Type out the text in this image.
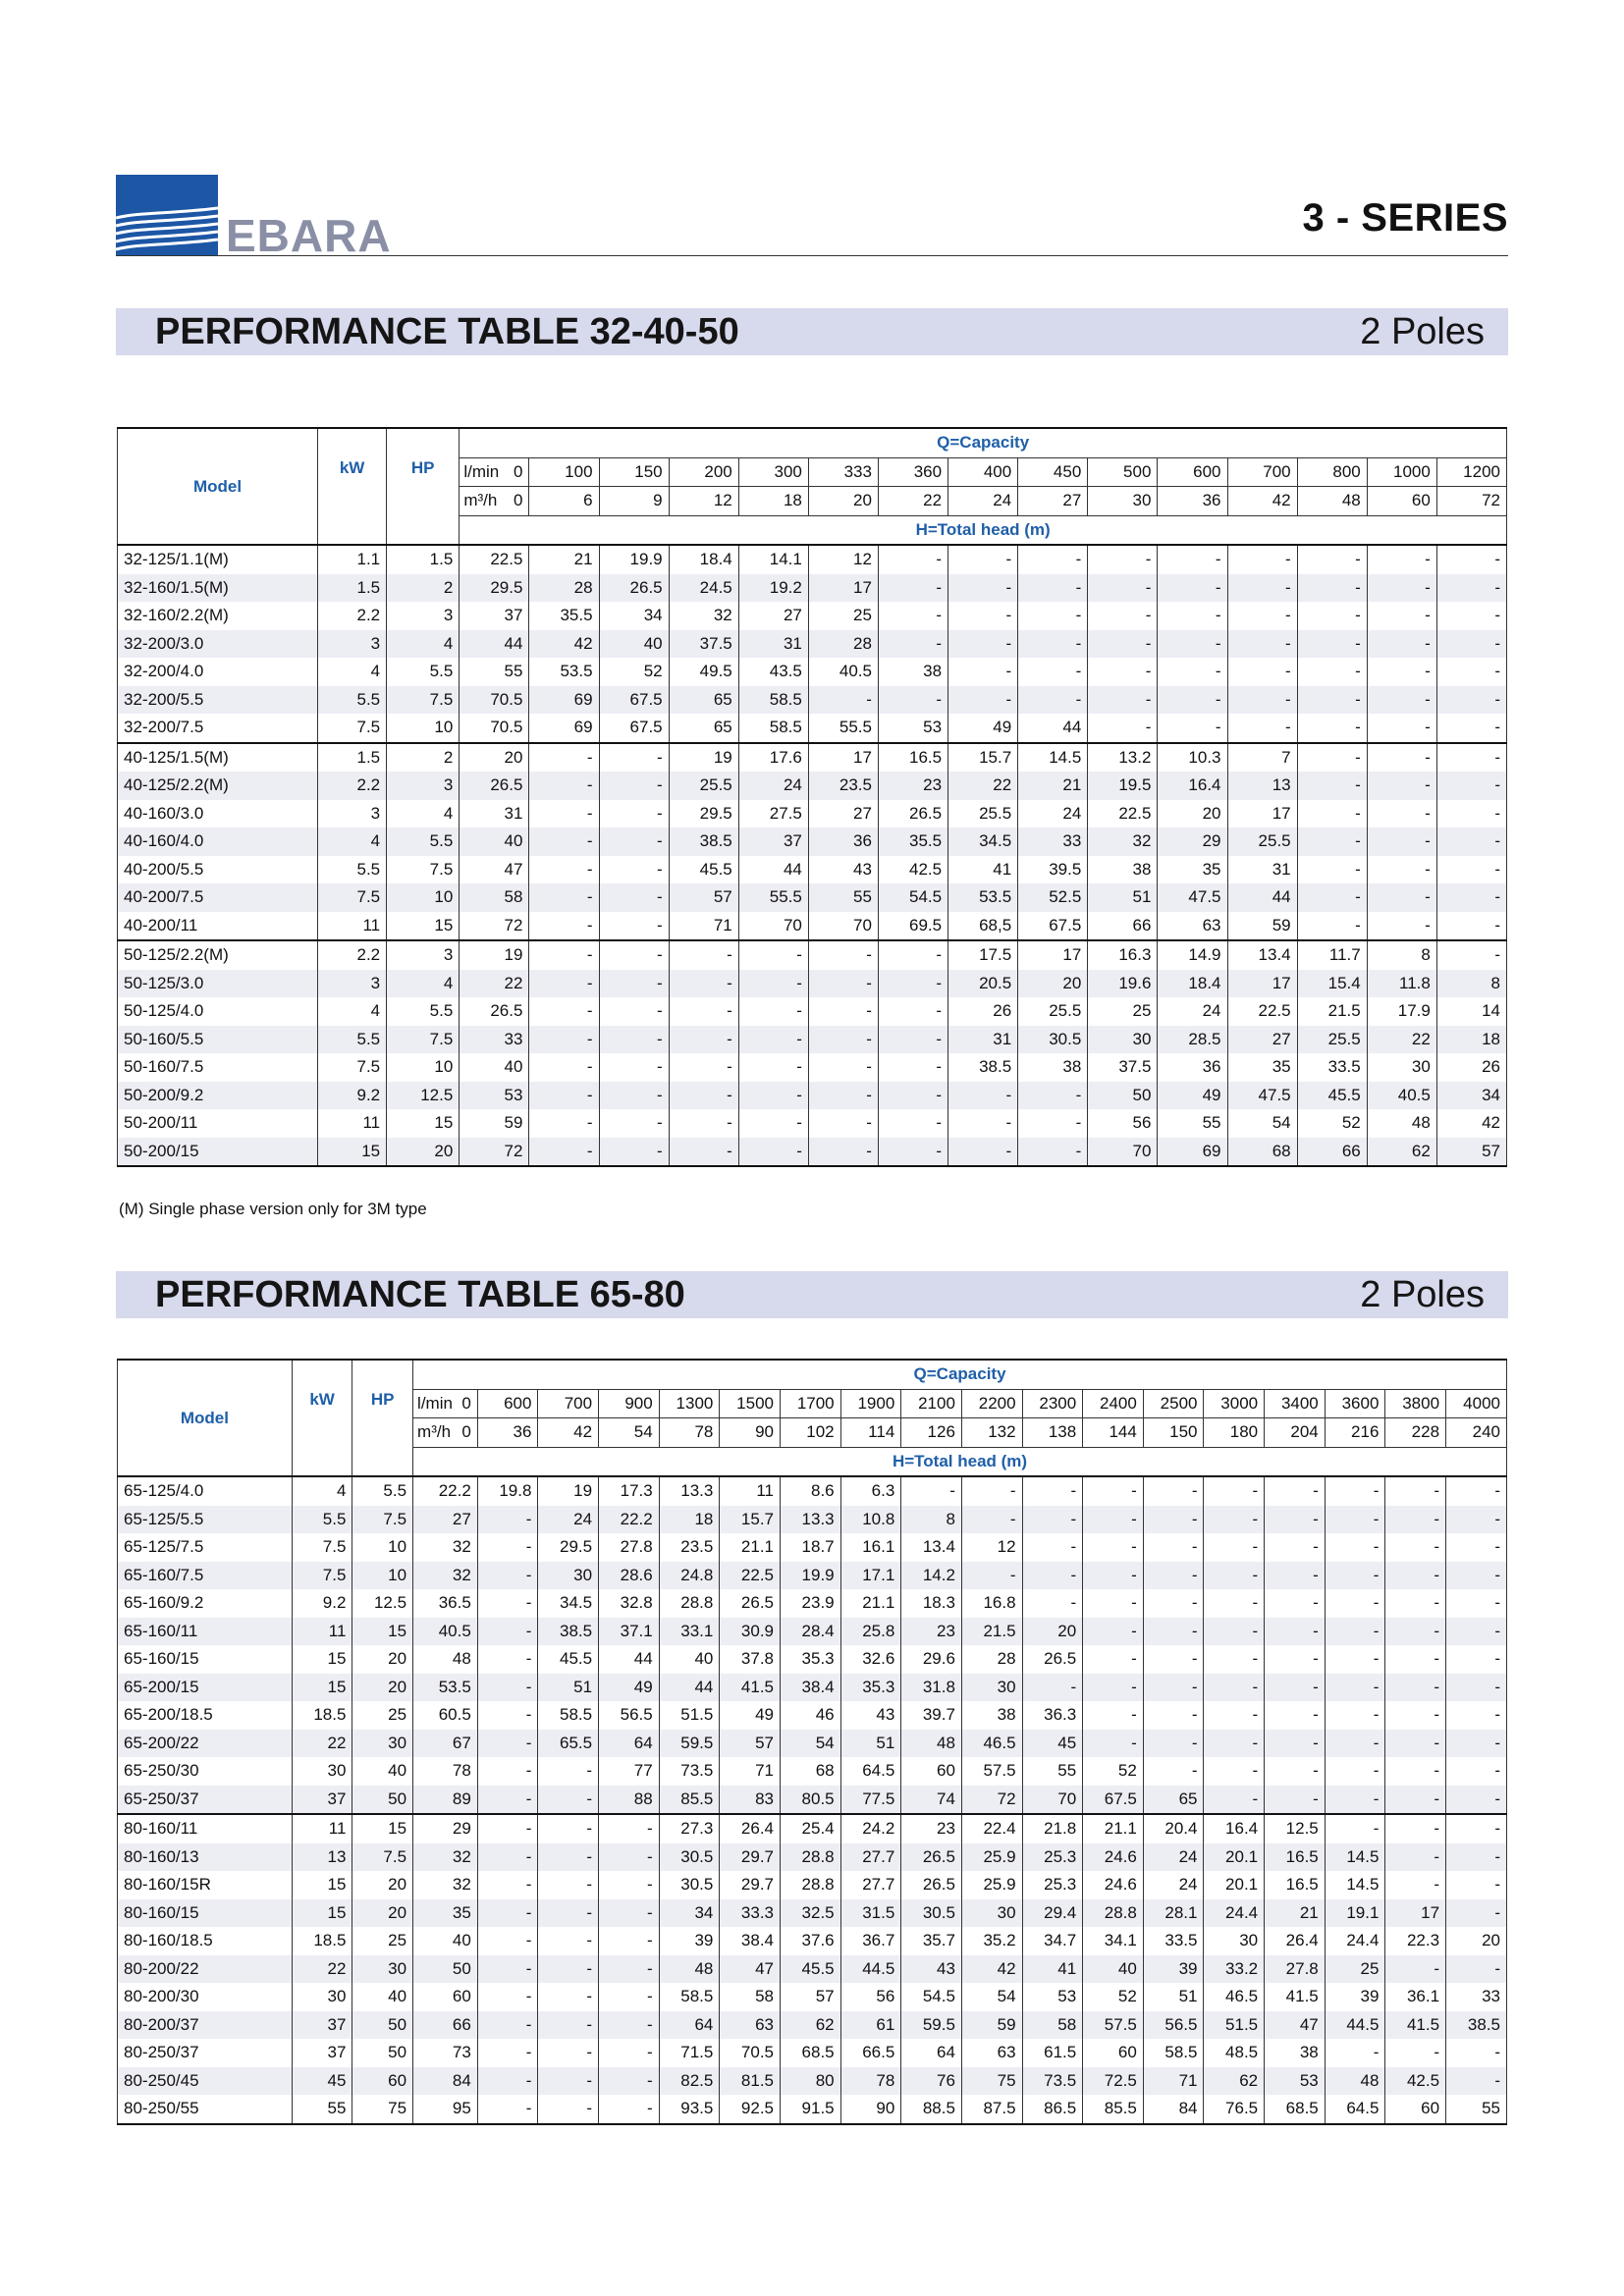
EBARA	3 - SERIES
PERFORMANCE TABLE 32-40-50	2 Poles
Model	kW	HP	Q=Capacity															
			l/min	0	100	150	200	300	333	360	400	450	500	600	700	800	1000	1200
			m³/h	0	6	9	12	18	20	22	24	27	30	36	42	48	60	72
			H=Total head (m)															
32-125/1.1(M)	1.1	1.5	22.5		21	19.9	18.4	14.1	12	-	-	-	-	-	-	-	-	-
32-160/1.5(M)	1.5	2	29.5		28	26.5	24.5	19.2	17	-	-	-	-	-	-	-	-	-
32-160/2.2(M)	2.2	3	37		35.5	34	32	27	25	-	-	-	-	-	-	-	-	-
32-200/3.0	3	4	44		42	40	37.5	31	28	-	-	-	-	-	-	-	-	-
32-200/4.0	4	5.5	55		53.5	52	49.5	43.5	40.5	38	-	-	-	-	-	-	-	-
32-200/5.5	5.5	7.5	70.5		69	67.5	65	58.5	-	-	-	-	-	-	-	-	-	-
32-200/7.5	7.5	10	70.5		69	67.5	65	58.5	55.5	53	49	44	-	-	-	-	-	-
40-125/1.5(M)	1.5	2	20		-	-	19	17.6	17	16.5	15.7	14.5	13.2	10.3	7	-	-	-
40-125/2.2(M)	2.2	3	26.5		-	-	25.5	24	23.5	23	22	21	19.5	16.4	13	-	-	-
40-160/3.0	3	4	31		-	-	29.5	27.5	27	26.5	25.5	24	22.5	20	17	-	-	-
40-160/4.0	4	5.5	40		-	-	38.5	37	36	35.5	34.5	33	32	29	25.5	-	-	-
40-200/5.5	5.5	7.5	47		-	-	45.5	44	43	42.5	41	39.5	38	35	31	-	-	-
40-200/7.5	7.5	10	58		-	-	57	55.5	55	54.5	53.5	52.5	51	47.5	44	-	-	-
40-200/11	11	15	72		-	-	71	70	70	69.5	68,5	67.5	66	63	59	-	-	-
50-125/2.2(M)	2.2	3	19		-	-	-	-	-	-	17.5	17	16.3	14.9	13.4	11.7	8	-
50-125/3.0	3	4	22		-	-	-	-	-	-	20.5	20	19.6	18.4	17	15.4	11.8	8
50-125/4.0	4	5.5	26.5		-	-	-	-	-	-	26	25.5	25	24	22.5	21.5	17.9	14
50-160/5.5	5.5	7.5	33		-	-	-	-	-	-	31	30.5	30	28.5	27	25.5	22	18
50-160/7.5	7.5	10	40		-	-	-	-	-	-	38.5	38	37.5	36	35	33.5	30	26
50-200/9.2	9.2	12.5	53		-	-	-	-	-	-	-	-	50	49	47.5	45.5	40.5	34
50-200/11	11	15	59		-	-	-	-	-	-	-	-	56	55	54	52	48	42
50-200/15	15	20	72		-	-	-	-	-	-	-	-	70	69	68	66	62	57
(M) Single phase version only for 3M type
PERFORMANCE TABLE 65-80	2 Poles
Model	kW	HP	Q=Capacity																		
			l/min	0	600	700	900	1300	1500	1700	1900	2100	2200	2300	2400	2500	3000	3400	3600	3800	4000
			m³/h	0	36	42	54	78	90	102	114	126	132	138	144	150	180	204	216	228	240
			H=Total head (m)																		
65-125/4.0	4	5.5	22.2		19.8	19	17.3	13.3	11	8.6	6.3	-	-	-	-	-	-	-	-	-	-
65-125/5.5	5.5	7.5	27		-	24	22.2	18	15.7	13.3	10.8	8	-	-	-	-	-	-	-	-	-
65-125/7.5	7.5	10	32		-	29.5	27.8	23.5	21.1	18.7	16.1	13.4	12	-	-	-	-	-	-	-	-
65-160/7.5	7.5	10	32		-	30	28.6	24.8	22.5	19.9	17.1	14.2	-	-	-	-	-	-	-	-	-
65-160/9.2	9.2	12.5	36.5		-	34.5	32.8	28.8	26.5	23.9	21.1	18.3	16.8	-	-	-	-	-	-	-	-
65-160/11	11	15	40.5		-	38.5	37.1	33.1	30.9	28.4	25.8	23	21.5	20	-	-	-	-	-	-	-
65-160/15	15	20	48		-	45.5	44	40	37.8	35.3	32.6	29.6	28	26.5	-	-	-	-	-	-	-
65-200/15	15	20	53.5		-	51	49	44	41.5	38.4	35.3	31.8	30	-	-	-	-	-	-	-	-
65-200/18.5	18.5	25	60.5		-	58.5	56.5	51.5	49	46	43	39.7	38	36.3	-	-	-	-	-	-	-
65-200/22	22	30	67		-	65.5	64	59.5	57	54	51	48	46.5	45	-	-	-	-	-	-	-
65-250/30	30	40	78		-	-	77	73.5	71	68	64.5	60	57.5	55	52	-	-	-	-	-	-
65-250/37	37	50	89		-	-	88	85.5	83	80.5	77.5	74	72	70	67.5	65	-	-	-	-	-
80-160/11	11	15	29		-	-	-	27.3	26.4	25.4	24.2	23	22.4	21.8	21.1	20.4	16.4	12.5	-	-	-
80-160/13	13	7.5	32		-	-	-	30.5	29.7	28.8	27.7	26.5	25.9	25.3	24.6	24	20.1	16.5	14.5	-	-
80-160/15R	15	20	32		-	-	-	30.5	29.7	28.8	27.7	26.5	25.9	25.3	24.6	24	20.1	16.5	14.5	-	-
80-160/15	15	20	35		-	-	-	34	33.3	32.5	31.5	30.5	30	29.4	28.8	28.1	24.4	21	19.1	17	-
80-160/18.5	18.5	25	40		-	-	-	39	38.4	37.6	36.7	35.7	35.2	34.7	34.1	33.5	30	26.4	24.4	22.3	20
80-200/22	22	30	50		-	-	-	48	47	45.5	44.5	43	42	41	40	39	33.2	27.8	25	-	-
80-200/30	30	40	60		-	-	-	58.5	58	57	56	54.5	54	53	52	51	46.5	41.5	39	36.1	33
80-200/37	37	50	66		-	-	-	64	63	62	61	59.5	59	58	57.5	56.5	51.5	47	44.5	41.5	38.5
80-250/37	37	50	73		-	-	-	71.5	70.5	68.5	66.5	64	63	61.5	60	58.5	48.5	38	-	-	-
80-250/45	45	60	84		-	-	-	82.5	81.5	80	78	76	75	73.5	72.5	71	62	53	48	42.5	-
80-250/55	55	75	95		-	-	-	93.5	92.5	91.5	90	88.5	87.5	86.5	85.5	84	76.5	68.5	64.5	60	55
